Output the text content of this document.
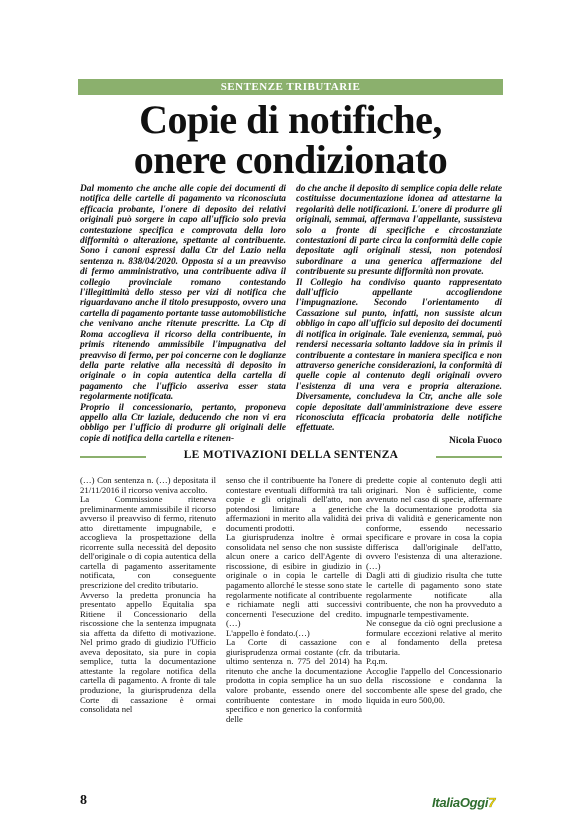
SENTENZE TRIBUTARIE
Copie di notifiche,
onere condizionato

Dal momento che anche alle copie dei documenti di notifica delle cartelle di pagamento va riconosciuta efficacia probante, l'onere di deposito dei relativi originali può sorgere in capo all'ufficio solo previa contestazione specifica e comprovata della loro difformità o alterazione, spettante al contribuente. Sono i canoni espressi dalla Ctr del Lazio nella sentenza n. 838/04/2020. Opposta si a un preavviso di fermo amministrativo, una contribuente adiva il collegio provinciale romano contestando l'illegittimità dello stesso per vizi di notifica che riguardavano anche il titolo presupposto, ovvero una cartella di pagamento portante tasse automobilistiche che venivano anche ritenute prescritte. La Ctp di Roma accoglieva il ricorso della contribuente, in primis ritenendo ammissibile l'impugnativa del preavviso di fermo, per poi concerne con le doglianze della parte relative alla necessità di deposito in originale o in copia autentica della cartella di pagamento che l'ufficio asseriva esser stata regolarmente notificata.

Proprio il concessionario, pertanto, proponeva appello alla Ctr laziale, deducendo che non vi era obbligo per l'ufficio di produrre gli originali delle copie di notifica della cartella e ritenen-

do che anche il deposito di semplice copia delle relate costituisse documentazione idonea ad attestarne la regolarità delle notificazioni. L'onere di produrre gli originali, semmai, affermava l'appellante, sussisteva solo a fronte di specifiche e circostanziate contestazioni di parte circa la conformità delle copie depositate agli originali stessi, non potendosi subordinare a una generica affermazione del contribuente su presunte difformità non provate.

Il Collegio ha condiviso quanto rappresentato dall'ufficio appellante accogliendone l'impugnazione. Secondo l'orientamento di Cassazione sul punto, infatti, non sussiste alcun obbligo in capo all'ufficio sul deposito dei documenti di notifica in originale. Tale evenienza, semmai, può rendersi necessaria soltanto laddove sia in primis il contribuente a contestare in maniera specifica e non attraverso generiche considerazioni, la conformità di quelle copie al contenuto degli originali ovvero l'esistenza di una vera e propria alterazione. Diversamente, concludeva la Ctr, anche alle sole copie depositate dall'amministrazione deve essere riconosciuta efficacia probatoria delle notifiche effettuate.

Nicola Fuoco

LE MOTIVAZIONI DELLA SENTENZA

(…) Con sentenza n. (…) depositata il 21/11/2016 il ricorso veniva accolto.

La Commissione riteneva preliminarmente ammissibile il ricorso avverso il preavviso di fermo, ritenuto atto direttamente impugnabile, e accoglieva la prospettazione della ricorrente sulla necessità del deposito dell'originale o di copia autentica della cartella di pagamento asseritamente notificata, con conseguente prescrizione del credito tributario.

Avverso la predetta pronuncia ha presentato appello Equitalia spa Ritiene il Concessionario della riscossione che la sentenza impugnata sia affetta da difetto di motivazione. Nel primo grado di giudizio l'Ufficio aveva depositato, sia pure in copia semplice, tutta la documentazione attestante la regolare notifica della cartella di pagamento. A fronte di tale produzione, la giurisprudenza della Corte di cassazione è ormai consolidata nel

senso che il contribuente ha l'onere di contestare eventuali difformità tra tali copie e gli originali dell'atto, non potendosi limitare a generiche affermazioni in merito alla validità dei documenti prodotti.

La giurisprudenza inoltre è ormai consolidata nel senso che non sussiste alcun onere a carico dell'Agente di riscossione, di esibire in giudizio in originale o in copia le cartelle di pagamento allorché le stesse sono state regolarmente notificate al contribuente e richiamate negli atti successivi concernenti l'esecuzione del credito.(…)

L'appello è fondato.(…)

La Corte di cassazione con giurisprudenza ormai costante (cfr. da ultimo sentenza n. 775 del 2014) ha ritenuto che anche la documentazione prodotta in copia semplice ha un suo valore probante, essendo onere del contribuente contestare in modo specifico e non generico la conformità delle

predette copie al contenuto degli atti originari. Non è sufficiente, come avvenuto nel caso di specie, affermare che la documentazione prodotta sia priva di validità e genericamente non conforme, essendo necessario specificare e provare in cosa la copia differisca dall'originale dell'atto, ovvero l'esistenza di una alterazione.(…)

Dagli atti di giudizio risulta che tutte le cartelle di pagamento sono state regolarmente notificate alla contribuente, che non ha provveduto a impugnarle tempestivamente.

Ne consegue da ciò ogni preclusione a formulare eccezioni relative al merito e al fondamento della pretesa tributaria.

P.q.m.

Accoglie l'appello del Concessionario della riscossione e condanna la soccombente alle spese del grado, che liquida in euro 500,00.

8	ItaliaOggi7
